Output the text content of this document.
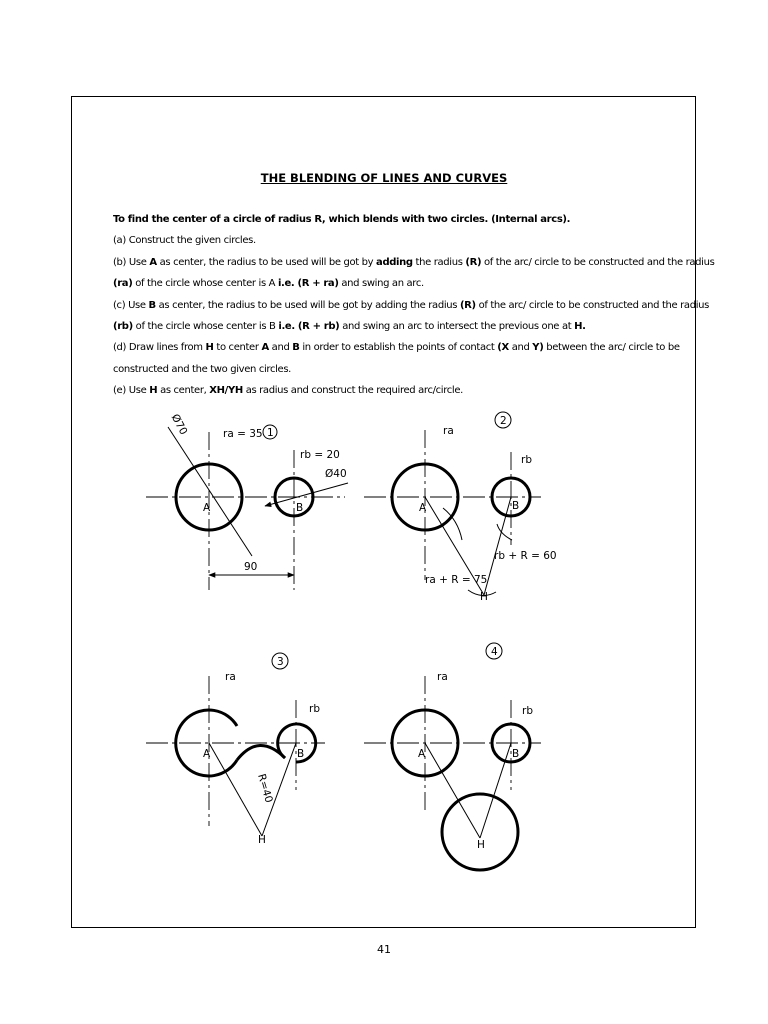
THE BLENDING OF LINES AND CURVES
To find the center of a circle of radius R, which blends with two circles. (Internal arcs).
(a) Construct the given circles.
(b) Use A as center, the radius to be used will be got by adding the radius (R) of the arc/ circle to be constructed and the radius
(ra) of the circle whose center is A i.e. (R + ra) and swing an arc.
(c) Use B as center, the radius to be used will be got by adding the radius (R) of the arc/ circle to be constructed and the radius
(rb) of the circle whose center is B i.e. (R + rb) and swing an arc to intersect the previous one at H.
(d) Draw lines from H to center A and B in order to establish the points of contact (X and Y) between the arc/ circle to be
constructed and the two given circles.
(e) Use H as center, XH/YH as radius and construct the required arc/circle.
Ø70	ra = 35 1
rb = 20
Ø40
A	B
90
ra
2
rb
A	B
rb + R = 60
ra + R = 75
H
ra
3
rb
A	B
R=40
H
ra
4
rb
A	B
H
41
